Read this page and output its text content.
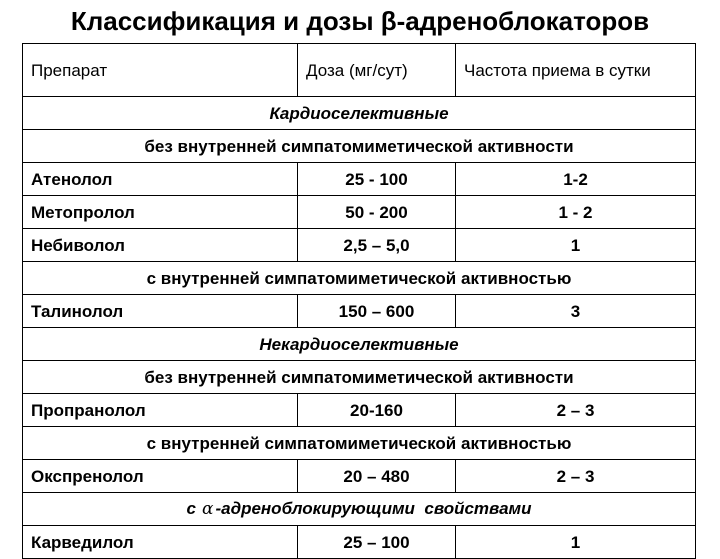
Классификация и дозы β-адреноблокаторов
Препарат	Доза (мг/сут)	Частота приема в сутки
Кардиоселективные		
без внутренней симпатомиметической активности		
Атенолол	25 - 100	1-2
Метопролол	50 - 200	1 - 2
Небиволол	2,5 – 5,0	1
с внутренней симпатомиметической активностью		
Талинолол	150 – 600	3
Некардиоселективные		
без внутренней симпатомиметической активности		
Пропранолол	20-160	2 – 3
с внутренней симпатомиметической активностью		
Окспренолол	20 – 480	2 – 3
с α -адреноблокирующими  свойствами		
Карведилол	25 – 100	1
